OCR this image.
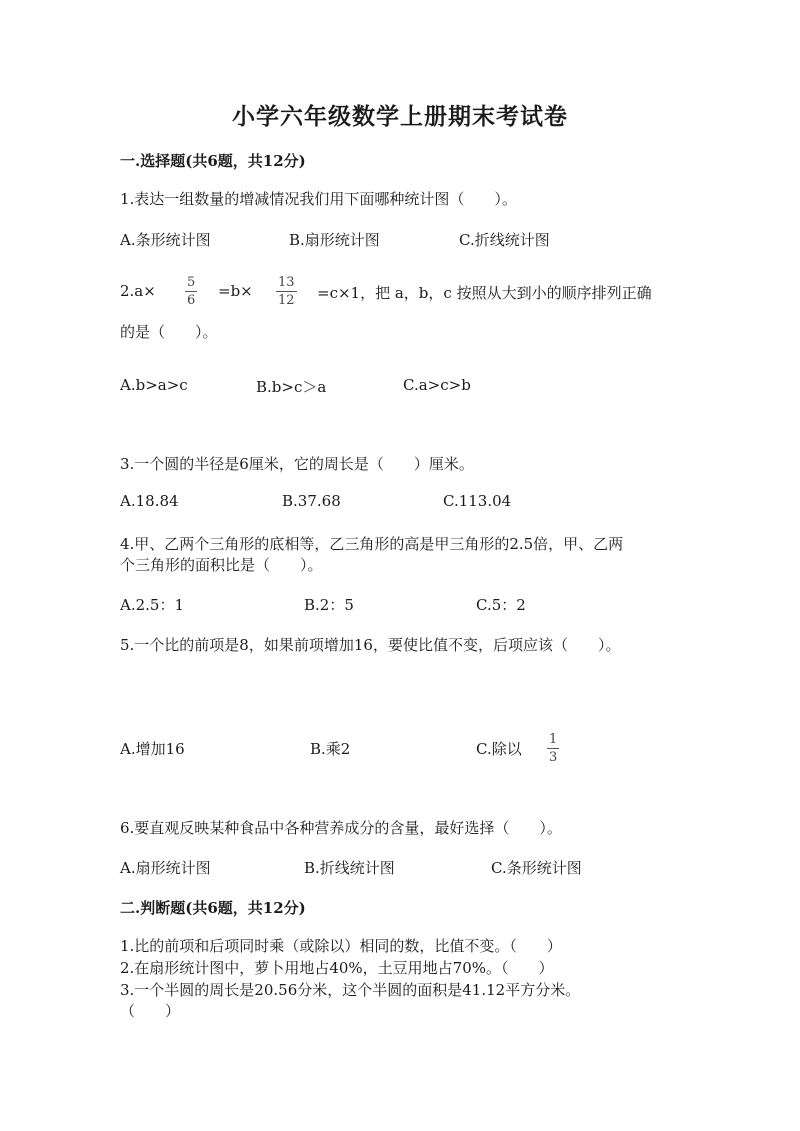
小学六年级数学上册期末考试卷
一.选择题(共6题，共12分)
1.表达一组数量的增减情况我们用下面哪种统计图（　　）。
A.条形统计图	B.扇形统计图	C.折线统计图
2.a× 5
6
=b× 13
12 =c×1，把 a，b，c 按照从大到小的顺序排列正确
的是（　　）。
A.b>a>c	B.b>c＞a	C.a>c>b
3.一个圆的半径是6厘米，它的周长是（　　）厘米。
A.18.84	B.37.68	C.113.04
4.甲、乙两个三角形的底相等，乙三角形的高是甲三角形的2.5倍，甲、乙两
个三角形的面积比是（　　）。
A.2.5：1	B.2：5	C.5：2
5.一个比的前项是8，如果前项增加16，要使比值不变，后项应该（　　）。
A.增加16	B.乘2	C.除以
1
3
6.要直观反映某种食品中各种营养成分的含量，最好选择（　　）。
A.扇形统计图	B.折线统计图	C.条形统计图
二.判断题(共6题，共12分)
1.比的前项和后项同时乘（或除以）相同的数，比值不变。（　　）
2.在扇形统计图中，萝卜用地占40%，土豆用地占70%。（　　）
3.一个半圆的周长是20.56分米，这个半圆的面积是41.12平方分米。
（　　）
